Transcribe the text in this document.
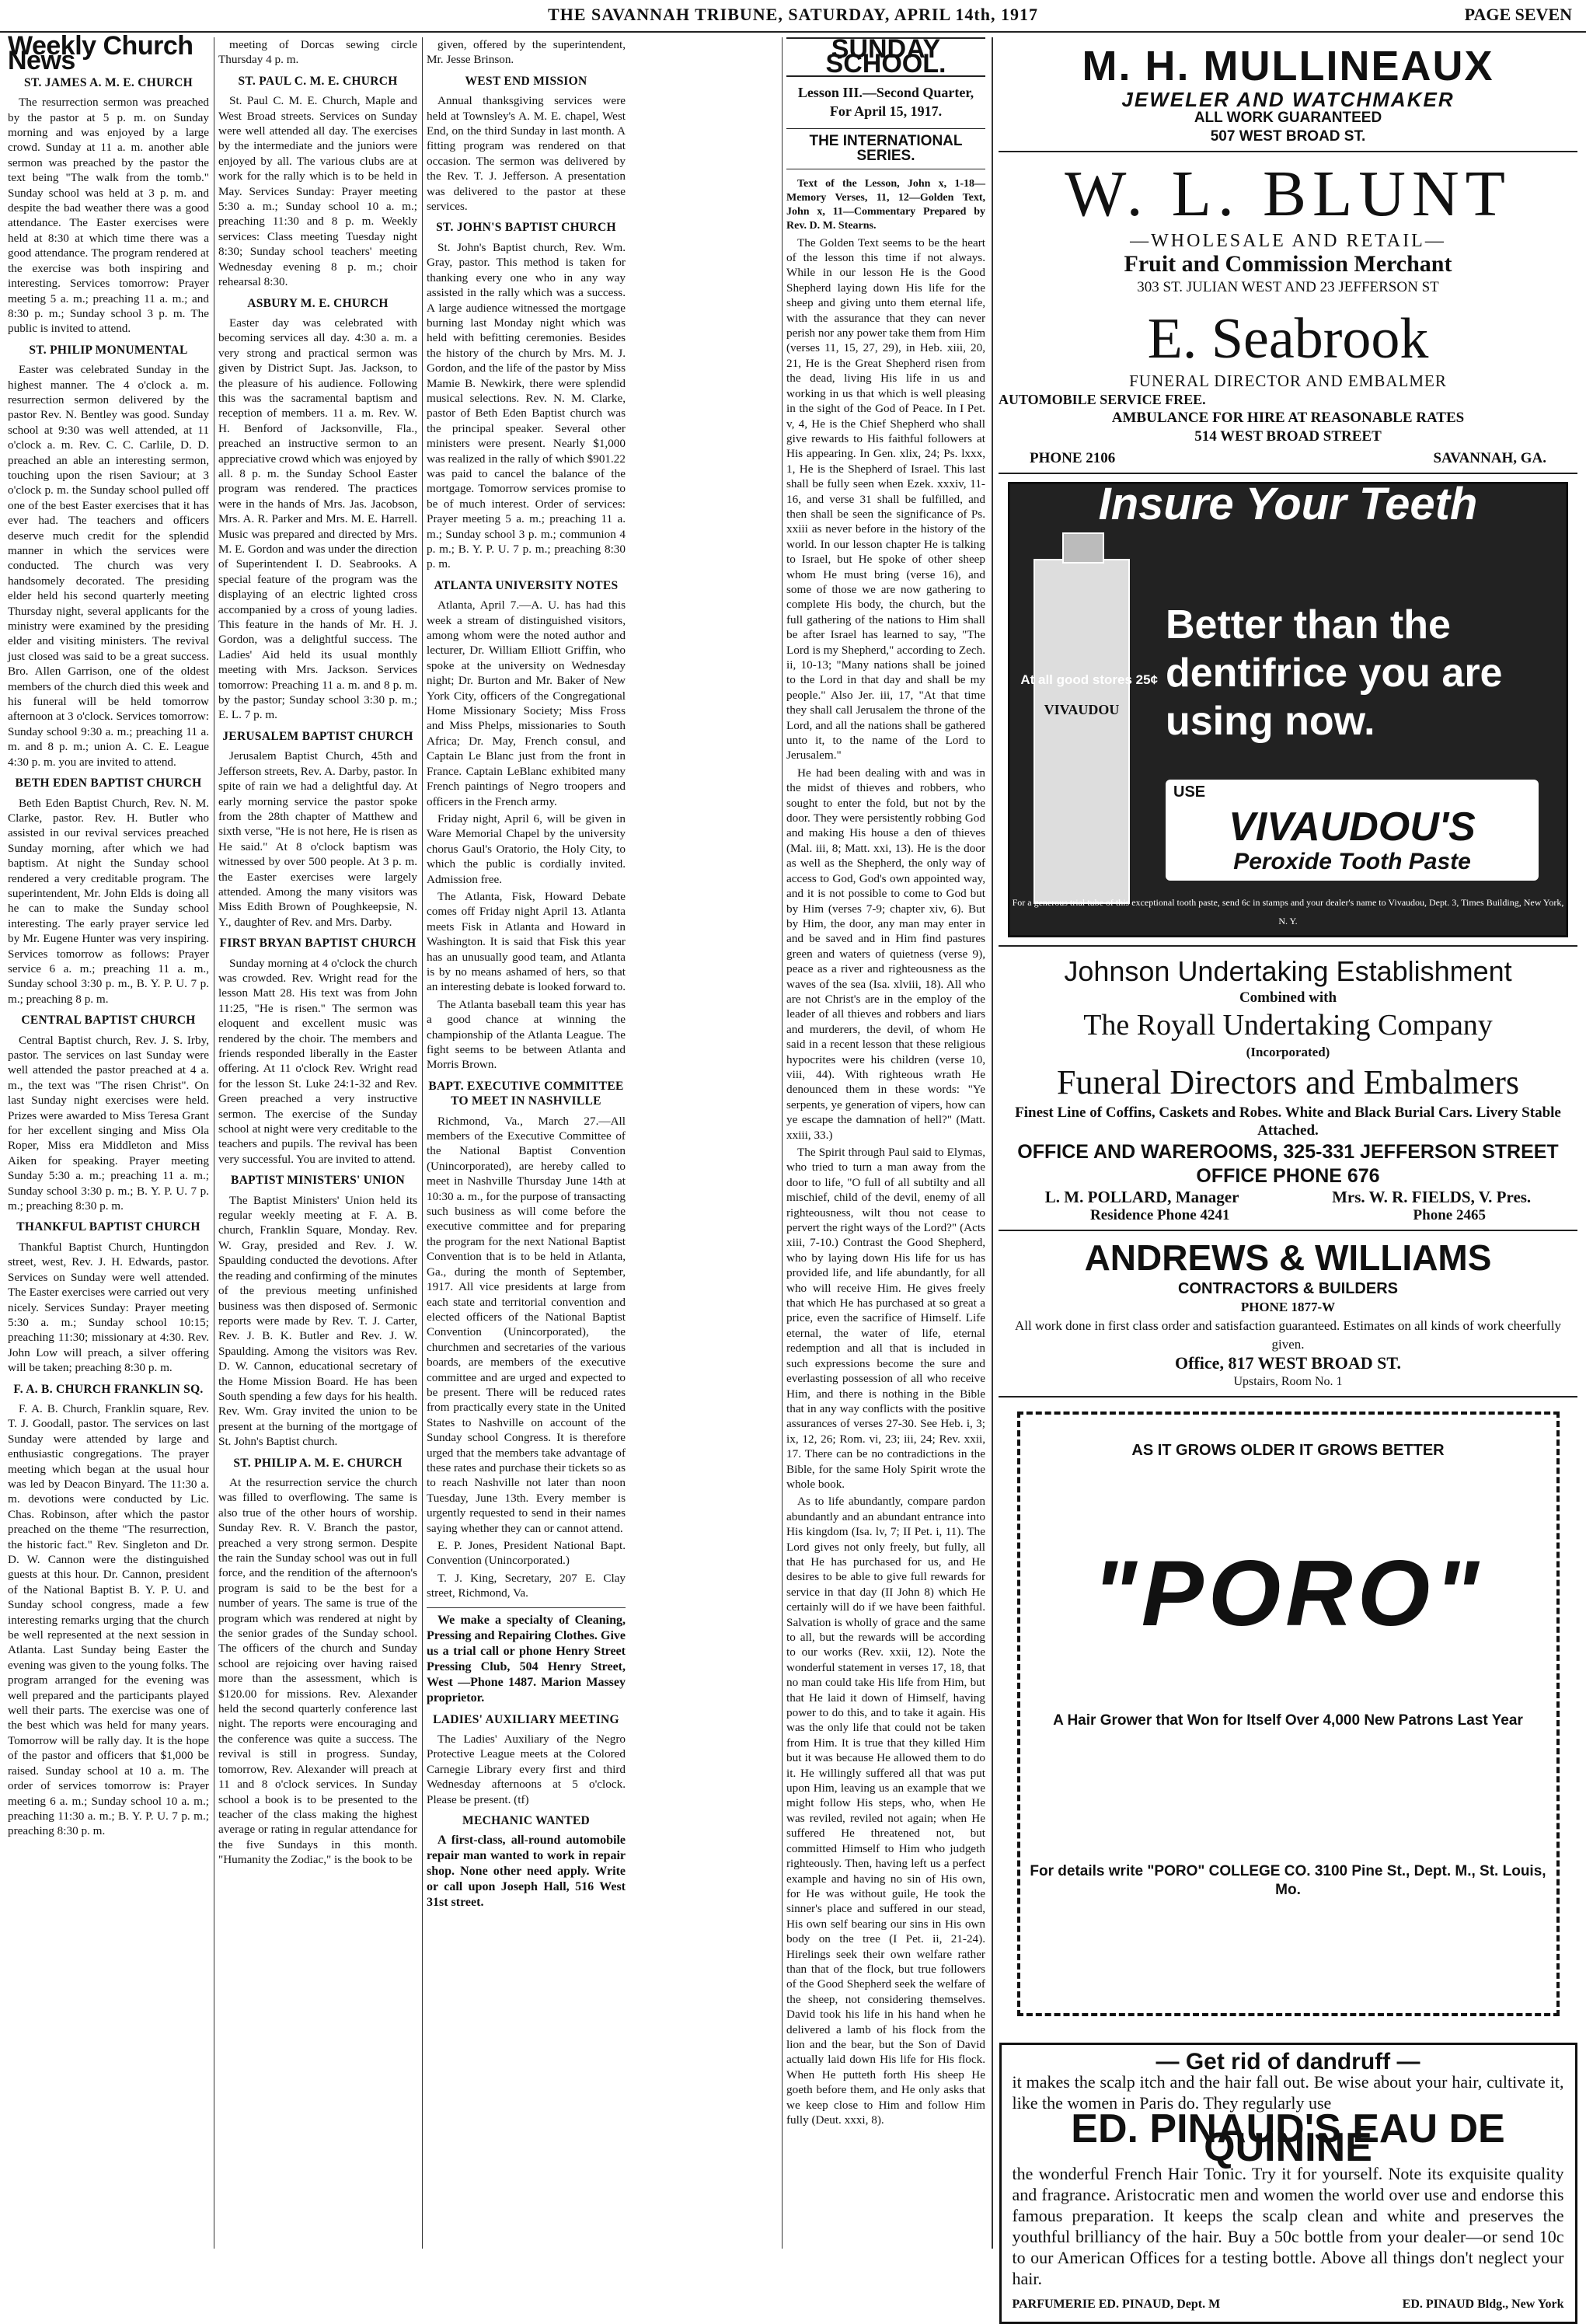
THE SAVANNAH TRIBUNE, SATURDAY, APRIL 14th, 1917	PAGE SEVEN
Weekly Church News
ST. JAMES A. M. E. CHURCH

The resurrection sermon was preached by the pastor at 5 p. m. on Sunday morning and was enjoyed by a large crowd. Sunday at 11 a. m. another able sermon was preached by the pastor the text being "The walk from the tomb." Sunday school was held at 3 p. m. and despite the bad weather there was a good attendance. The Easter exercises were held at 8:30 at which time there was a good attendance. The program rendered at the exercise was both inspiring and interesting. Services tomorrow: Prayer meeting 5 a. m.; preaching 11 a. m.; and 8:30 p. m.; Sunday school 3 p. m. The public is invited to attend.

ST. PHILIP MONUMENTAL

Easter was celebrated Sunday in the highest manner. The 4 o'clock a. m. resurrection sermon delivered by the pastor Rev. N. Bentley was good. Sunday school at 9:30 was well attended, at 11 o'clock a. m. Rev. C. C. Carlile, D. D. preached an able an interesting sermon, touching upon the risen Saviour; at 3 o'clock p. m. the Sunday school pulled off one of the best Easter exercises that it has ever had. The teachers and officers deserve much credit for the splendid manner in which the services were conducted. The church was very handsomely decorated. The presiding elder held his second quarterly meeting Thursday night, several applicants for the ministry were examined by the presiding elder and visiting ministers. The revival just closed was said to be a great success. Bro. Allen Garrison, one of the oldest members of the church died this week and his funeral will be held tomorrow afternoon at 3 o'clock. Services tomorrow: Sunday school 9:30 a. m.; preaching 11 a. m. and 8 p. m.; union A. C. E. League 4:30 p. m. you are invited to attend.

BETH EDEN BAPTIST CHURCH

Beth Eden Baptist Church, Rev. N. M. Clarke, pastor. Rev. H. Butler who assisted in our revival services preached Sunday morning, after which we had baptism. At night the Sunday school rendered a very creditable program. The superintendent, Mr. John Elds is doing all he can to make the Sunday school interesting. The early prayer service led by Mr. Eugene Hunter was very inspiring. Services tomorrow as follows: Prayer service 6 a. m.; preaching 11 a. m., Sunday school 3:30 p. m., B. Y. P. U. 7 p. m.; preaching 8 p. m.

CENTRAL BAPTIST CHURCH

Central Baptist church, Rev. J. S. Irby, pastor. The services on last Sunday were well attended the pastor preached at 4 a. m., the text was "The risen Christ". On last Sunday night exercises were held. Prizes were awarded to Miss Teresa Grant for her excellent singing and Miss Ola Roper, Miss era Middleton and Miss Aiken for speaking. Prayer meeting Sunday 5:30 a. m.; preaching 11 a. m.; Sunday school 3:30 p. m.; B. Y. P. U. 7 p. m.; preaching 8:30 p. m.

THANKFUL BAPTIST CHURCH

Thankful Baptist Church, Huntingdon street, west, Rev. J. H. Edwards, pastor. Services on Sunday were well attended. The Easter exercises were carried out very nicely. Services Sunday: Prayer meeting 5:30 a. m.; Sunday school 10:15; preaching 11:30; missionary at 4:30. Rev. John Low will preach, a silver offering will be taken; preaching 8:30 p. m.

F. A. B. CHURCH FRANKLIN SQ.

F. A. B. Church, Franklin square, Rev. T. J. Goodall, pastor. The services on last Sunday were attended by large and enthusiastic congregations. The prayer meeting which began at the usual hour was led by Deacon Binyard. The 11:30 a. m. devotions were conducted by Lic. Chas. Robinson, after which the pastor preached on the theme "The resurrection, the historic fact." Rev. Singleton and Dr. D. W. Cannon were the distinguished guests at this hour. Dr. Cannon, president of the National Baptist B. Y. P. U. and Sunday school congress, made a few interesting remarks urging that the church be well represented at the next session in Atlanta. Last Sunday being Easter the evening was given to the young folks. The program arranged for the evening was well prepared and the participants played well their parts. The exercise was one of the best which was held for many years. Tomorrow will be rally day. It is the hope of the pastor and officers that $1,000 be raised. Sunday school at 10 a. m. The order of services tomorrow is: Prayer meeting 6 a. m.; Sunday school 10 a. m.; preaching 11:30 a. m.; B. Y. P. U. 7 p. m.; preaching 8:30 p. m.

meeting of Dorcas sewing circle Thursday 4 p. m.

ST. PAUL C. M. E. CHURCH

St. Paul C. M. E. Church, Maple and West Broad streets. Services on Sunday were well attended all day. The exercises by the intermediate and the juniors were enjoyed by all. The various clubs are at work for the rally which is to be held in May. Services Sunday: Prayer meeting 5:30 a. m.; Sunday school 10 a. m.; preaching 11:30 and 8 p. m. Weekly services: Class meeting Tuesday night 8:30; Sunday school teachers' meeting Wednesday evening 8 p. m.; choir rehearsal 8:30.

ASBURY M. E. CHURCH

Easter day was celebrated with becoming services all day. 4:30 a. m. a very strong and practical sermon was given by District Supt. Jas. Jackson, to the pleasure of his audience. Following this was the sacramental baptism and reception of members. 11 a. m. Rev. W. H. Benford of Jacksonville, Fla., preached an instructive sermon to an appreciative crowd which was enjoyed by all. 8 p. m. the Sunday School Easter program was rendered. The practices were in the hands of Mrs. Jas. Jacobson, Mrs. A. R. Parker and Mrs. M. E. Harrell. Music was prepared and directed by Mrs. M. E. Gordon and was under the direction of Superintendent I. D. Seabrooks. A special feature of the program was the displaying of an electric lighted cross accompanied by a cross of young ladies. This feature in the hands of Mr. H. J. Gordon, was a delightful success. The Ladies' Aid held its usual monthly meeting with Mrs. Jackson. Services tomorrow: Preaching 11 a. m. and 8 p. m. by the pastor; Sunday school 3:30 p. m.; E. L. 7 p. m.

JERUSALEM BAPTIST CHURCH

Jerusalem Baptist Church, 45th and Jefferson streets, Rev. A. Darby, pastor. In spite of rain we had a delightful day. At early morning service the pastor spoke from the 28th chapter of Matthew and sixth verse, "He is not here, He is risen as He said." At 8 o'clock baptism was witnessed by over 500 people. At 3 p. m. the Easter exercises were largely attended. Among the many visitors was Miss Edith Brown of Poughkeepsie, N. Y., daughter of Rev. and Mrs. Darby.

FIRST BRYAN BAPTIST CHURCH

Sunday morning at 4 o'clock the church was crowded. Rev. Wright read for the lesson Matt 28. His text was from John 11:25, "He is risen." The sermon was eloquent and excellent music was rendered by the choir. The members and friends responded liberally in the Easter offering. At 11 o'clock Rev. Wright read for the lesson St. Luke 24:1-32 and Rev. Green preached a very instructive sermon. The exercise of the Sunday school at night were very creditable to the teachers and pupils. The revival has been very successful. You are invited to attend.

BAPTIST MINISTERS' UNION

The Baptist Ministers' Union held its regular weekly meeting at F. A. B. church, Franklin Square, Monday. Rev. W. Gray, presided and Rev. J. W. Spaulding conducted the devotions. After the reading and confirming of the minutes of the previous meeting unfinished business was then disposed of. Sermonic reports were made by Rev. T. J. Carter, Rev. J. B. K. Butler and Rev. J. W. Spaulding. Among the visitors was Rev. D. W. Cannon, educational secretary of the Home Mission Board. He has been South spending a few days for his health. Rev. Wm. Gray invited the union to be present at the burning of the mortgage of St. John's Baptist church.

ST. PHILIP A. M. E. CHURCH

At the resurrection service the church was filled to overflowing. The same is also true of the other hours of worship. Sunday Rev. R. V. Branch the pastor, preached a very strong sermon. Despite the rain the Sunday school was out in full force, and the rendition of the afternoon's program is said to be the best for a number of years. The same is true of the program which was rendered at night by the senior grades of the Sunday school. The officers of the church and Sunday school are rejoicing over having raised more than the assessment, which is $120.00 for missions. Rev. Alexander held the second quarterly conference last night. The reports were encouraging and the conference was quite a success. The revival is still in progress. Sunday, tomorrow, Rev. Alexander will preach at 11 and 8 o'clock services. In Sunday school a book is to be presented to the teacher of the class making the highest average or rating in regular attendance for the five Sundays in this month. "Humanity the Zodiac," is the book to be

given, offered by the superintendent, Mr. Jesse Brinson.

WEST END MISSION

Annual thanksgiving services were held at Townsley's A. M. E. chapel, West End, on the third Sunday in last month. A fitting program was rendered on that occasion. The sermon was delivered by the Rev. T. J. Jefferson. A presentation was delivered to the pastor at these services.

ST. JOHN'S BAPTIST CHURCH

St. John's Baptist church, Rev. Wm. Gray, pastor. This method is taken for thanking every one who in any way assisted in the rally which was a success. A large audience witnessed the mortgage burning last Monday night which was held with befitting ceremonies. Besides the history of the church by Mrs. M. J. Gordon, and the life of the pastor by Miss Mamie B. Newkirk, there were splendid musical selections. Rev. N. M. Clarke, pastor of Beth Eden Baptist church was the principal speaker. Several other ministers were present. Nearly $1,000 was realized in the rally of which $901.22 was paid to cancel the balance of the mortgage. Tomorrow services promise to be of much interest. Order of services: Prayer meeting 5 a. m.; preaching 11 a. m.; Sunday school 3 p. m.; communion 4 p. m.; B. Y. P. U. 7 p. m.; preaching 8:30 p. m.

ATLANTA UNIVERSITY NOTES

Atlanta, April 7.—A. U. has had this week a stream of distinguished visitors, among whom were the noted author and lecturer, Dr. William Elliott Griffin, who spoke at the university on Wednesday night; Dr. Burton and Mr. Baker of New York City, officers of the Congregational Home Missionary Society; Miss Fross and Miss Phelps, missionaries to South Africa; Dr. May, French consul, and Captain Le Blanc just from the front in France. Captain LeBlanc exhibited many French paintings of Negro troopers and officers in the French army.

Friday night, April 6, will be given in Ware Memorial Chapel by the university chorus Gaul's Oratorio, the Holy City, to which the public is cordially invited. Admission free.

The Atlanta, Fisk, Howard Debate comes off Friday night April 13. Atlanta meets Fisk in Atlanta and Howard in Washington. It is said that Fisk this year has an unusually good team, and Atlanta is by no means ashamed of hers, so that an interesting debate is looked forward to.

The Atlanta baseball team this year has a good chance at winning the championship of the Atlanta League. The fight seems to be between Atlanta and Morris Brown.

BAPT. EXECUTIVE COMMITTEE TO MEET IN NASHVILLE

Richmond, Va., March 27.—All members of the Executive Committee of the National Baptist Convention (Unincorporated), are hereby called to meet in Nashville Thursday June 14th at 10:30 a. m., for the purpose of transacting such business as will come before the executive committee and for preparing the program for the next National Baptist Convention that is to be held in Atlanta, Ga., during the month of September, 1917. All vice presidents at large from each state and territorial convention and elected officers of the National Baptist Convention (Unincorporated), the churchmen and secretaries of the various boards, are members of the executive committee and are urged and expected to be present. There will be reduced rates from practically every state in the United States to Nashville on account of the Sunday school Congress. It is therefore urged that the members take advantage of these rates and purchase their tickets so as to reach Nashville not later than noon Tuesday, June 13th. Every member is urgently requested to send in their names saying whether they can or cannot attend.

E. P. Jones, President National Bapt. Convention (Unincorporated.)

T. J. King, Secretary, 207 E. Clay street, Richmond, Va.

We make a specialty of Cleaning, Pressing and Repairing Clothes. Give us a trial call or phone Henry Street Pressing Club, 504 Henry Street, West —Phone 1487. Marion Massey proprietor.

LADIES' AUXILIARY MEETING

The Ladies' Auxiliary of the Negro Protective League meets at the Colored Carnegie Library every first and third Wednesday afternoons at 5 o'clock. Please be present. (tf)

MECHANIC WANTED

A first-class, all-round automobile repair man wanted to work in repair shop. None other need apply. Write or call upon Joseph Hall, 516 West 31st street.

SUNDAY SCHOOL.
Lesson III.—Second Quarter, For April 15, 1917.
THE INTERNATIONAL SERIES.

Text of the Lesson, John x, 1-18—Memory Verses, 11, 12—Golden Text, John x, 11—Commentary Prepared by Rev. D. M. Stearns.

The Golden Text seems to be the heart of the lesson this time if not always. While in our lesson He is the Good Shepherd laying down His life for the sheep and giving unto them eternal life, with the assurance that they can never perish nor any power take them from Him (verses 11, 15, 27, 29), in Heb. xiii, 20, 21, He is the Great Shepherd risen from the dead, living His life in us and working in us that which is well pleasing in the sight of the God of Peace. In I Pet. v, 4, He is the Chief Shepherd who shall give rewards to His faithful followers at His appearing. In Gen. xlix, 24; Ps. lxxx, 1, He is the Shepherd of Israel. This last shall be fully seen when Ezek. xxxiv, 11-16, and verse 31 shall be fulfilled, and then shall be seen the significance of Ps. xxiii as never before in the history of the world. In our lesson chapter He is talking to Israel, but He spoke of other sheep whom He must bring (verse 16), and some of those we are now gathering to complete His body, the church, but the full gathering of the nations to Him shall be after Israel has learned to say, "The Lord is my Shepherd," according to Zech. ii, 10-13; "Many nations shall be joined to the Lord in that day and shall be my people." Also Jer. iii, 17, "At that time they shall call Jerusalem the throne of the Lord, and all the nations shall be gathered unto it, to the name of the Lord to Jerusalem."

He had been dealing with and was in the midst of thieves and robbers, who sought to enter the fold, but not by the door. They were persistently robbing God and making His house a den of thieves (Mal. iii, 8; Matt. xxi, 13). He is the door as well as the Shepherd, the only way of access to God, God's own appointed way, and it is not possible to come to God but by Him (verses 7-9; chapter xiv, 6). But by Him, the door, any man may enter in and be saved and in Him find pastures green and waters of quietness (verse 9), peace as a river and righteousness as the waves of the sea (Isa. xlviii, 18). All who are not Christ's are in the employ of the leader of all thieves and robbers and liars and murderers, the devil, of whom He said in a recent lesson that these religious hypocrites were his children (verse 10, viii, 44). With righteous wrath He denounced them in these words: "Ye serpents, ye generation of vipers, how can ye escape the damnation of hell?" (Matt. xxiii, 33.)

The Spirit through Paul said to Elymas, who tried to turn a man away from the door to life, "O full of all subtilty and all mischief, child of the devil, enemy of all righteousness, wilt thou not cease to pervert the right ways of the Lord?" (Acts xiii, 7-10.) Contrast the Good Shepherd, who by laying down His life for us has provided life, and life abundantly, for all who will receive Him. He gives freely that which He has purchased at so great a price, even the sacrifice of Himself. Life eternal, the water of life, eternal redemption and all that is included in such expressions become the sure and everlasting possession of all who receive Him, and there is nothing in the Bible that in any way conflicts with the positive assurances of verses 27-30. See Heb. i, 3; ix, 12, 26; Rom. vi, 23; iii, 24; Rev. xxii, 17. There can be no contradictions in the Bible, for the same Holy Spirit wrote the whole book.

As to life abundantly, compare pardon abundantly and an abundant entrance into His kingdom (Isa. lv, 7; II Pet. i, 11). The Lord gives not only freely, but fully, all that He has purchased for us, and He desires to be able to give full rewards for service in that day (II John 8) which He certainly will do if we have been faithful. Salvation is wholly of grace and the same to all, but the rewards will be according to our works (Rev. xxii, 12). Note the wonderful statement in verses 17, 18, that no man could take His life from Him, but that He laid it down of Himself, having power to do this, and to take it again. His was the only life that could not be taken from Him. It is true that they killed Him but it was because He allowed them to do it. He willingly suffered all that was put upon Him, leaving us an example that we might follow His steps, who, when He was reviled, reviled not again; when He suffered He threatened not, but committed Himself to Him who judgeth righteously. Then, having left us a perfect example and having no sin of His own, for He was without guile, He took the sinner's place and suffered in our stead, His own self bearing our sins in His own body on the tree (I Pet. ii, 21-24). Hirelings seek their own welfare rather than that of the flock, but true followers of the Good Shepherd seek the welfare of the sheep, not considering themselves. David took his life in his hand when he delivered a lamb of his flock from the lion and the bear, but the Son of David actually laid down His life for His flock. When He putteth forth His sheep He goeth before them, and He only asks that we keep close to Him and follow Him fully (Deut. xxxi, 8).

M. H. MULLINEAUX
JEWELER AND WATCHMAKER
ALL WORK GUARANTEED
507 WEST BROAD ST.
W. L. BLUNT
—WHOLESALE AND RETAIL—
Fruit and Commission Merchant
303 ST. JULIAN WEST AND 23 JEFFERSON ST
E. Seabrook
FUNERAL DIRECTOR AND EMBALMER
AUTOMOBILE SERVICE FREE.
AMBULANCE FOR HIRE AT REASONABLE RATES
514 WEST BROAD STREET
PHONE 2106	SAVANNAH, GA.
Insure Your Teeth
VIVAUDOU
At all good stores 25¢
Better than the dentifrice you are using now.
USE
VIVAUDOU'S
Peroxide Tooth Paste
For a generous trial tube of this exceptional tooth paste, send 6c in stamps and your dealer's name to Vivaudou, Dept. 3, Times Building, New York, N. Y.
Johnson Undertaking Establishment
Combined with
The Royall Undertaking Company
(Incorporated)
Funeral Directors and Embalmers
Finest Line of Coffins, Caskets and Robes. White and Black Burial Cars. Livery Stable Attached.
OFFICE AND WAREROOMS, 325-331 JEFFERSON STREET
OFFICE PHONE 676
L. M. POLLARD, Manager	Mrs. W. R. FIELDS, V. Pres.
Residence Phone 4241	Phone 2465
ANDREWS & WILLIAMS
CONTRACTORS & BUILDERS
PHONE 1877-W
All work done in first class order and satisfaction guaranteed. Estimates on all kinds of work cheerfully given.
Office, 817 WEST BROAD ST.
Upstairs, Room No. 1
AS IT GROWS OLDER IT GROWS BETTER
"PORO"
A Hair Grower that Won for Itself Over 4,000 New Patrons Last Year
For details write "PORO" COLLEGE CO. 3100 Pine St., Dept. M., St. Louis, Mo.
— Get rid of dandruff —
it makes the scalp itch and the hair fall out. Be wise about your hair, cultivate it, like the women in Paris do. They regularly use
ED. PINAUD'S EAU DE QUININE
the wonderful French Hair Tonic. Try it for yourself. Note its exquisite quality and fragrance. Aristocratic men and women the world over use and endorse this famous preparation. It keeps the scalp clean and white and preserves the youthful brilliancy of the hair. Buy a 50c bottle from your dealer—or send 10c to our American Offices for a testing bottle. Above all things don't neglect your hair.
PARFUMERIE ED. PINAUD, Dept. M	ED. PINAUD Bldg., New York
